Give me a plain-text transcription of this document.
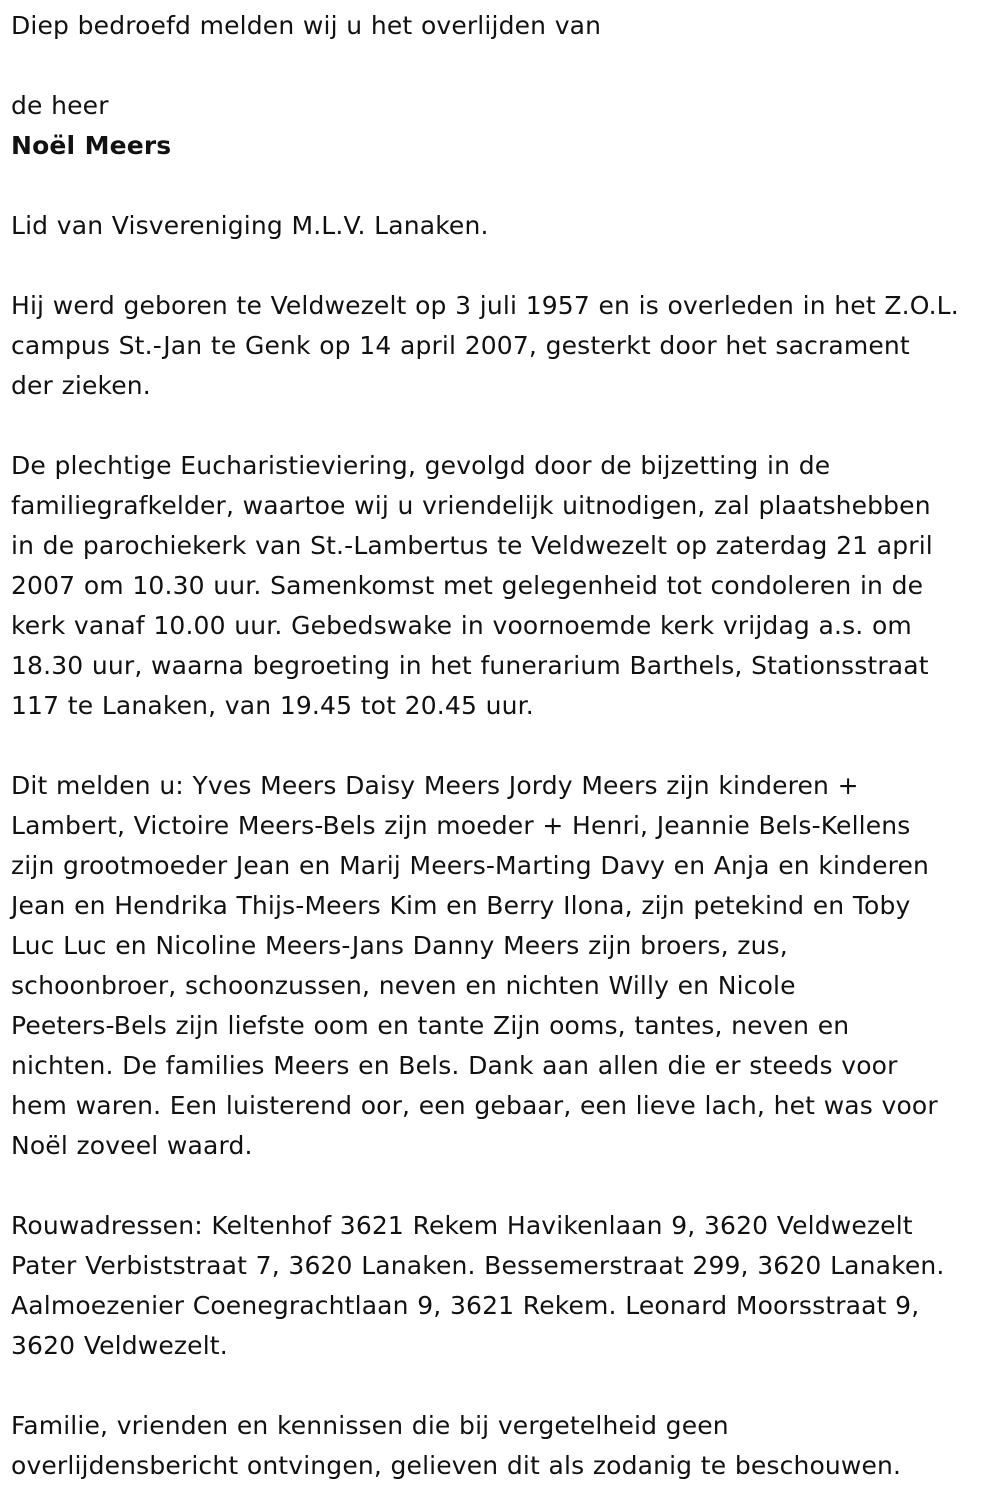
Diep bedroefd melden wij u het overlijden van
de heer
Noël Meers
Lid van Visvereniging M.L.V. Lanaken.
Hij werd geboren te Veldwezelt op 3 juli 1957 en is overleden in het Z.O.L.
campus St.-Jan te Genk op 14 april 2007, gesterkt door het sacrament
der zieken.
De plechtige Eucharistieviering, gevolgd door de bijzetting in de
familiegrafkelder, waartoe wij u vriendelijk uitnodigen, zal plaatshebben
in de parochiekerk van St.-Lambertus te Veldwezelt op zaterdag 21 april
2007 om 10.30 uur. Samenkomst met gelegenheid tot condoleren in de
kerk vanaf 10.00 uur. Gebedswake in voornoemde kerk vrijdag a.s. om
18.30 uur, waarna begroeting in het funerarium Barthels, Stationsstraat
117 te Lanaken, van 19.45 tot 20.45 uur.
Dit melden u: Yves Meers Daisy Meers Jordy Meers zijn kinderen +
Lambert, Victoire Meers-Bels zijn moeder + Henri, Jeannie Bels-Kellens
zijn grootmoeder Jean en Marij Meers-Marting Davy en Anja en kinderen
Jean en Hendrika Thijs-Meers Kim en Berry Ilona, zijn petekind en Toby
Luc Luc en Nicoline Meers-Jans Danny Meers zijn broers, zus,
schoonbroer, schoonzussen, neven en nichten Willy en Nicole
Peeters-Bels zijn liefste oom en tante Zijn ooms, tantes, neven en
nichten. De families Meers en Bels. Dank aan allen die er steeds voor
hem waren. Een luisterend oor, een gebaar, een lieve lach, het was voor
Noël zoveel waard.
Rouwadressen: Keltenhof 3621 Rekem Havikenlaan 9, 3620 Veldwezelt
Pater Verbiststraat 7, 3620 Lanaken. Bessemerstraat 299, 3620 Lanaken.
Aalmoezenier Coenegrachtlaan 9, 3621 Rekem. Leonard Moorsstraat 9,
3620 Veldwezelt.
Familie, vrienden en kennissen die bij vergetelheid geen
overlijdensbericht ontvingen, gelieven dit als zodanig te beschouwen.
